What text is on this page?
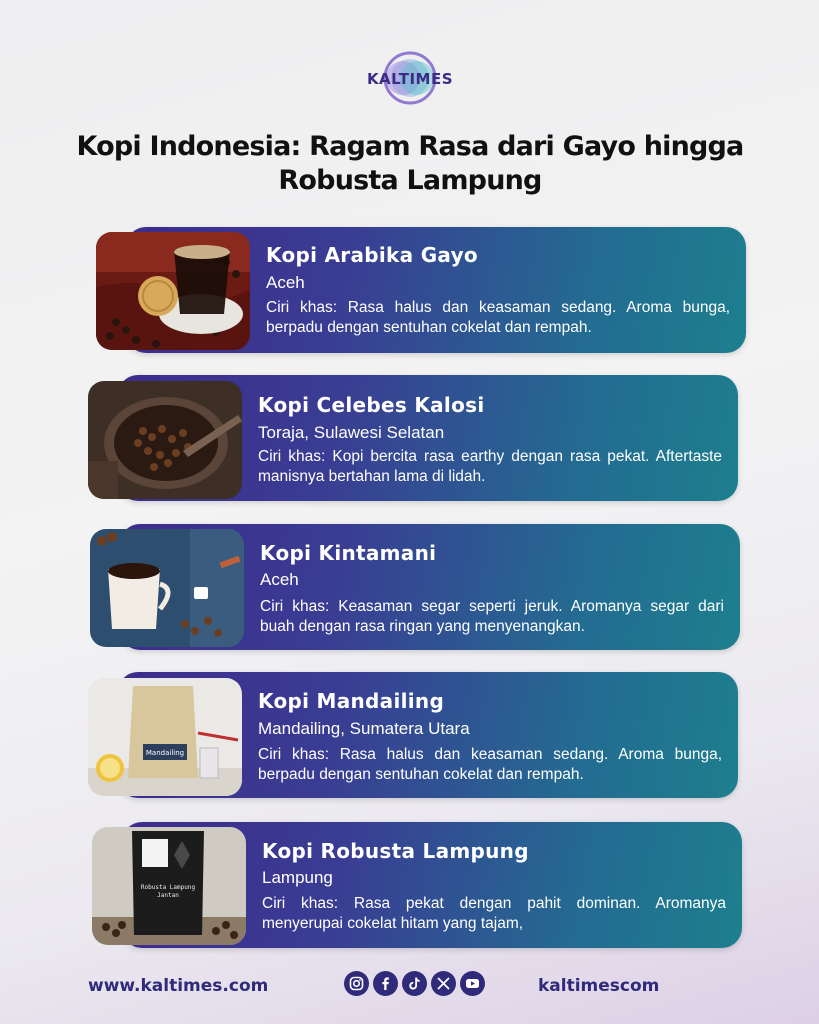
KALTIMES
Kopi Indonesia: Ragam Rasa dari Gayo hingga
Robusta Lampung
Kopi Arabika Gayo
Aceh
Ciri khas: Rasa halus dan keasaman sedang. Aroma bunga, berpadu dengan sentuhan cokelat dan rempah.
Kopi Celebes Kalosi
Toraja, Sulawesi Selatan
Ciri khas: Kopi bercita rasa earthy dengan rasa pekat. Aftertaste manisnya bertahan lama di lidah.
Kopi Kintamani
Aceh
Ciri khas: Keasaman segar seperti jeruk. Aromanya segar dari buah dengan rasa ringan yang menyenangkan.
Mandailing
Kopi Mandailing
Mandailing, Sumatera Utara
Ciri khas: Rasa halus dan keasaman sedang. Aroma bunga, berpadu dengan sentuhan cokelat dan rempah.
Robusta Lampung
Jantan
Kopi Robusta Lampung
Lampung
Ciri khas: Rasa pekat dengan pahit dominan. Aromanya menyerupai cokelat hitam yang tajam,
www.kaltimes.com	kaltimescom
